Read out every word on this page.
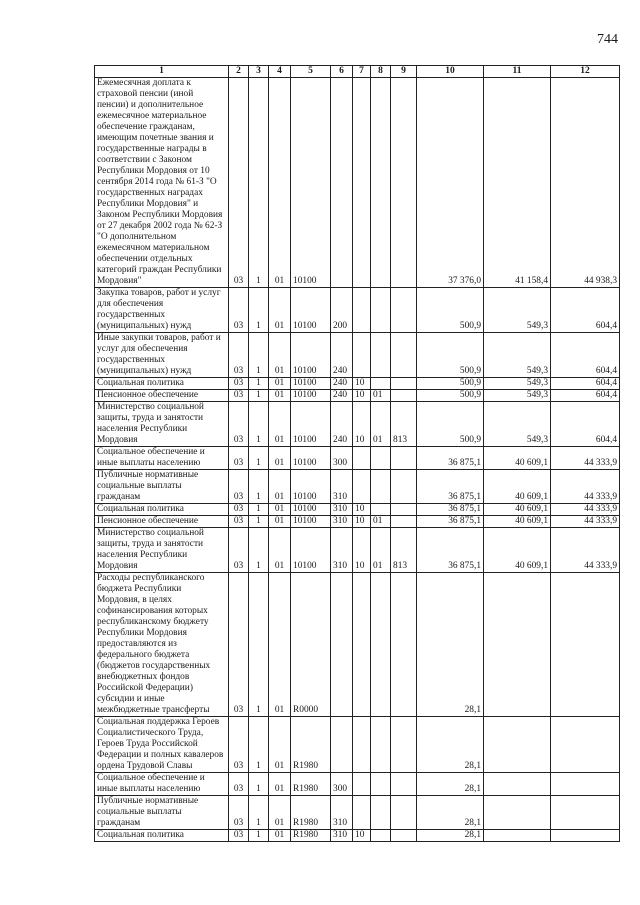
744
1	2	3	4	5	6	7	8	9	10	11	12
Ежемесячная доплата к страховой пенсии (иной пенсии) и дополнительное ежемесячное материальное обеспечение гражданам, имеющим почетные звания и государственные награды в соответствии с Законом Республики Мордовия от 10 сентября 2014 года № 61-З "О государственных наградах Республики Мордовия" и Законом Республики Мордовия от 27 декабря 2002 года № 62-З "О дополнительном ежемесячном материальном обеспечении отдельных категорий граждан Республики Мордовия"	03	1	01	10100					37 376,0	41 158,4	44 938,3
Закупка товаров, работ и услуг для обеспечения государственных (муниципальных) нужд	03	1	01	10100	200				500,9	549,3	604,4
Иные закупки товаров, работ и услуг для обеспечения государственных (муниципальных) нужд	03	1	01	10100	240				500,9	549,3	604,4
Социальная политика	03	1	01	10100	240	10			500,9	549,3	604,4
Пенсионное обеспечение	03	1	01	10100	240	10	01		500,9	549,3	604,4
Министерство социальной защиты, труда и занятости населения Республики Мордовия	03	1	01	10100	240	10	01	813	500,9	549,3	604,4
Социальное обеспечение и иные выплаты населению	03	1	01	10100	300				36 875,1	40 609,1	44 333,9
Публичные нормативные социальные выплаты гражданам	03	1	01	10100	310				36 875,1	40 609,1	44 333,9
Социальная политика	03	1	01	10100	310	10			36 875,1	40 609,1	44 333,9
Пенсионное обеспечение	03	1	01	10100	310	10	01		36 875,1	40 609,1	44 333,9
Министерство социальной защиты, труда и занятости населения Республики Мордовия	03	1	01	10100	310	10	01	813	36 875,1	40 609,1	44 333,9
Расходы республиканского бюджета Республики Мордовия, в целях софинансирования которых республиканскому бюджету Республики Мордовия предоставляются из федерального бюджета (бюджетов государственных внебюджетных фондов Российской Федерации) субсидии и иные межбюджетные трансферты	03	1	01	R0000					28,1		
Социальная поддержка Героев Социалистического Труда, Героев Труда Российской Федерации и полных кавалеров ордена Трудовой Славы	03	1	01	R1980					28,1		
Социальное обеспечение и иные выплаты населению	03	1	01	R1980	300				28,1		
Публичные нормативные социальные выплаты гражданам	03	1	01	R1980	310				28,1		
Социальная политика	03	1	01	R1980	310	10			28,1		
